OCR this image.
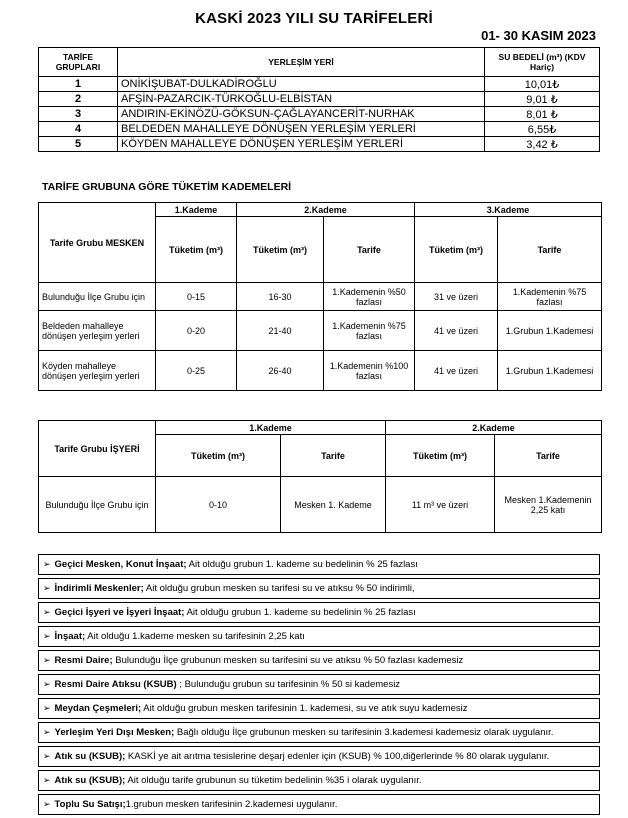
KASKİ 2023 YILI SU TARİFELERİ
01- 30 KASIM 2023
TARİFE GRUPLARI	YERLEŞİM YERİ	SU BEDELİ (m³) (KDV Hariç)
1	ONİKİŞUBAT-DULKADİROĞLU	10,01₺
2	AFŞİN-PAZARCIK-TÜRKOĞLU-ELBİSTAN	9,01 ₺
3	ANDIRIN-EKİNÖZÜ-GÖKSUN-ÇAĞLAYANCERİT-NURHAK	8,01 ₺
4	BELDEDEN MAHALLEYE DÖNÜŞEN YERLEŞİM YERLERİ	6,55₺
5	KÖYDEN MAHALLEYE DÖNÜŞEN YERLEŞİM YERLERİ	3,42 ₺
TARİFE GRUBUNA GÖRE TÜKETİM KADEMELERİ
Tarife Grubu MESKEN	1.Kademe	2.Kademe		3.Kademe	
	Tüketim (m³)	Tüketim (m³)	Tarife	Tüketim (m³)	Tarife
Bulunduğu İlçe Grubu için	0-15	16-30	1.Kademenin %50 fazlası	31 ve üzeri	1.Kademenin %75 fazlası
Beldeden mahalleye dönüşen yerleşim yerleri	0-20	21-40	1.Kademenin %75 fazlası	41 ve üzeri	1.Grubun 1.Kademesi
Köyden mahalleye dönüşen yerleşim yerleri	0-25	26-40	1.Kademenin %100 fazlası	41 ve üzeri	1.Grubun 1.Kademesi
Tarife Grubu İŞYERİ	1.Kademe		2.Kademe	
	Tüketim (m³)	Tarife	Tüketim (m³)	Tarife
Bulunduğu İlçe Grubu için	0-10	Mesken 1. Kademe	11 m³ ve üzeri	Mesken 1.Kademenin 2,25 katı
➢ Geçici Mesken, Konut İnşaat; Ait olduğu grubun 1. kademe su bedelinin % 25 fazlası
➢ İndirimli Meskenler; Ait olduğu grubun mesken su tarifesi su ve atıksu % 50 indirimli,
➢ Geçici İşyeri ve İşyeri İnşaat; Ait olduğu grubun 1. kademe su bedelinin % 25 fazlası
➢ İnşaat; Ait olduğu 1.kademe mesken su tarifesinin 2,25 katı
➢ Resmi Daire; Bulunduğu İlçe grubunun mesken su tarifesini su ve atıksu % 50 fazlası kademesiz
➢ Resmi Daire Atıksu (KSUB) ; Bulunduğu grubun su tarifesinin % 50 si kademesiz
➢ Meydan Çeşmeleri; Ait olduğu grubun mesken tarifesinin 1. kademesi, su ve atık suyu kademesiz
➢ Yerleşim Yeri Dışı Mesken; Bağlı olduğu İlçe grubunun mesken su tarifesinin 3.kademesi kademesiz olarak uygulanır.
➢ Atık su (KSUB); KASKİ ye ait arıtma tesislerine deşarj edenler için (KSUB) % 100,diğerlerinde % 80 olarak uygulanır.
➢ Atık su (KSUB); Ait olduğu tarife grubunun su tüketim bedelinin %35 i olarak uygulanır.
➢ Toplu Su Satışı;1.grubun mesken tarifesinin 2.kademesi uygulanır.
